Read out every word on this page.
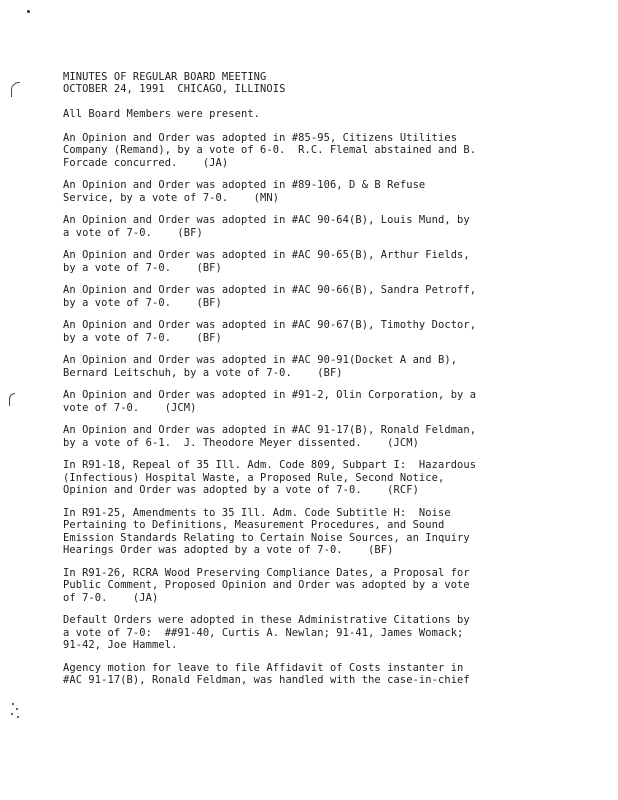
MINUTES OF REGULAR BOARD MEETING
OCTOBER 24, 1991  CHICAGO, ILLINOIS

All Board Members were present.

An Opinion and Order was adopted in #85-95, Citizens Utilities
Company (Remand), by a vote of 6-0.  R.C. Flemal abstained and B.
Forcade concurred.    (JA)

An Opinion and Order was adopted in #89-106, D & B Refuse
Service, by a vote of 7-0.    (MN)

An Opinion and Order was adopted in #AC 90-64(B), Louis Mund, by
a vote of 7-0.    (BF)

An Opinion and Order was adopted in #AC 90-65(B), Arthur Fields,
by a vote of 7-0.    (BF)

An Opinion and Order was adopted in #AC 90-66(B), Sandra Petroff,
by a vote of 7-0.    (BF)

An Opinion and Order was adopted in #AC 90-67(B), Timothy Doctor,
by a vote of 7-0.    (BF)

An Opinion and Order was adopted in #AC 90-91(Docket A and B),
Bernard Leitschuh, by a vote of 7-0.    (BF)

An Opinion and Order was adopted in #91-2, Olin Corporation, by a
vote of 7-0.    (JCM)

An Opinion and Order was adopted in #AC 91-17(B), Ronald Feldman,
by a vote of 6-1.  J. Theodore Meyer dissented.    (JCM)

In R91-18, Repeal of 35 Ill. Adm. Code 809, Subpart I:  Hazardous
(Infectious) Hospital Waste, a Proposed Rule, Second Notice,
Opinion and Order was adopted by a vote of 7-0.    (RCF)

In R91-25, Amendments to 35 Ill. Adm. Code Subtitle H:  Noise
Pertaining to Definitions, Measurement Procedures, and Sound
Emission Standards Relating to Certain Noise Sources, an Inquiry
Hearings Order was adopted by a vote of 7-0.    (BF)

In R91-26, RCRA Wood Preserving Compliance Dates, a Proposal for
Public Comment, Proposed Opinion and Order was adopted by a vote
of 7-0.    (JA)

Default Orders were adopted in these Administrative Citations by
a vote of 7-0:  ##91-40, Curtis A. Newlan; 91-41, James Womack;
91-42, Joe Hammel.

Agency motion for leave to file Affidavit of Costs instanter in
#AC 91-17(B), Ronald Feldman, was handled with the case-in-chief
